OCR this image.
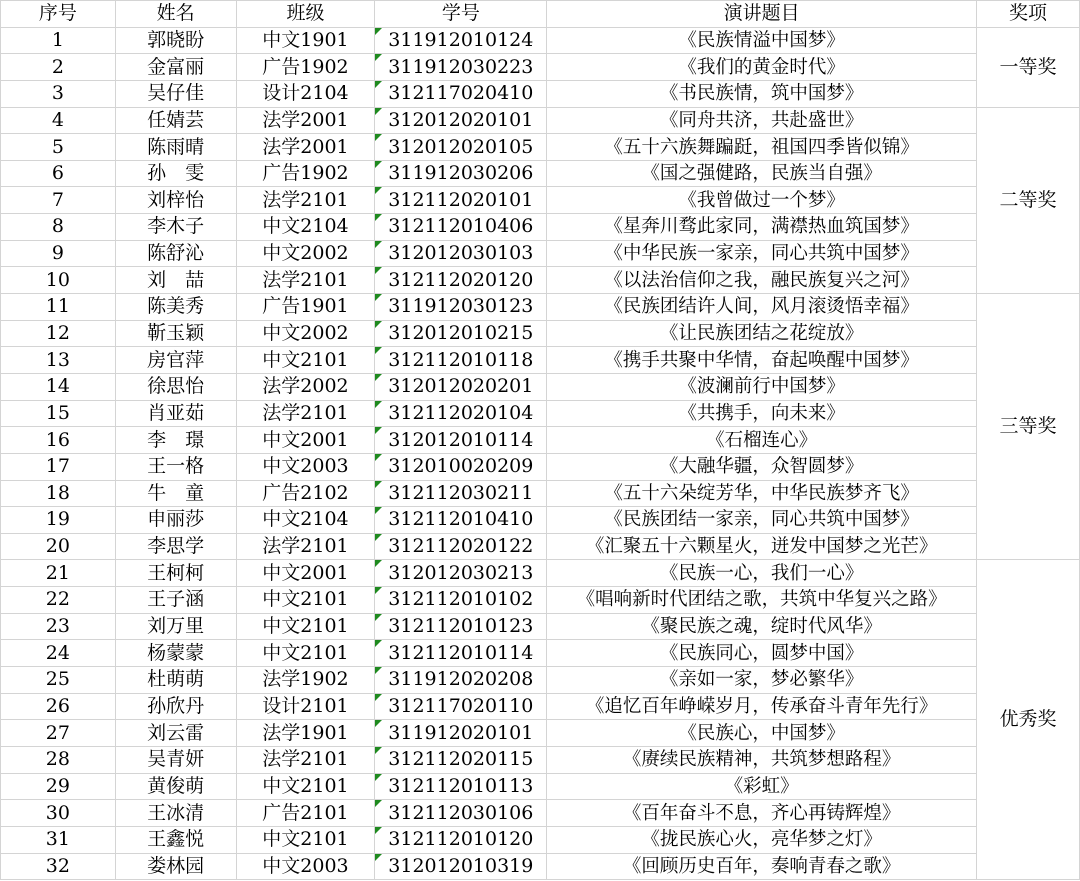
序号	姓名	班级	学号	演讲题目	奖项
1	郭晓盼	中文1901	311912010124	《民族情溢中国梦》	一等奖
2	金富丽	广告1902	311912030223	《我们的黄金时代》	
3	吴仔佳	设计2104	312117020410	《书民族情，筑中国梦》	
4	任婧芸	法学2001	312012020101	《同舟共济，共赴盛世》	二等奖
5	陈雨晴	法学2001	312012020105	《五十六族舞蹁跹，祖国四季皆似锦》	
6	孙　雯	广告1902	311912030206	《国之强健路，民族当自强》	
7	刘梓怡	法学2101	312112020101	《我曾做过一个梦》	
8	李木子	中文2104	312112010406	《星奔川骛此家同，满襟热血筑国梦》	
9	陈舒沁	中文2002	312012030103	《中华民族一家亲，同心共筑中国梦》	
10	刘　喆	法学2101	312112020120	《以法治信仰之我，融民族复兴之河》	
11	陈美秀	广告1901	311912030123	《民族团结许人间，风月滚烫悟幸福》	三等奖
12	靳玉颖	中文2002	312012010215	《让民族团结之花绽放》	
13	房官萍	中文2101	312112010118	《携手共聚中华情，奋起唤醒中国梦》	
14	徐思怡	法学2002	312012020201	《波澜前行中国梦》	
15	肖亚茹	法学2101	312112020104	《共携手，向未来》	
16	李　璟	中文2001	312012010114	《石榴连心》	
17	王一格	中文2003	312010020209	《大融华疆，众智圆梦》	
18	牛　童	广告2102	312112030211	《五十六朵绽芳华，中华民族梦齐飞》	
19	申丽莎	中文2104	312112010410	《民族团结一家亲，同心共筑中国梦》	
20	李思学	法学2101	312112020122	《汇聚五十六颗星火，迸发中国梦之光芒》	
21	王柯柯	中文2001	312012030213	《民族一心，我们一心》	优秀奖
22	王子涵	中文2101	312112010102	《唱响新时代团结之歌，共筑中华复兴之路》	
23	刘万里	中文2101	312112010123	《聚民族之魂，绽时代风华》	
24	杨蒙蒙	中文2101	312112010114	《民族同心，圆梦中国》	
25	杜萌萌	法学1902	311912020208	《亲如一家，梦必繁华》	
26	孙欣丹	设计2101	312117020110	《追忆百年峥嵘岁月，传承奋斗青年先行》	
27	刘云雷	法学1901	311912020101	《民族心，中国梦》	
28	吴青妍	法学2101	312112020115	《赓续民族精神，共筑梦想路程》	
29	黄俊萌	中文2101	312112010113	《彩虹》	
30	王冰清	广告2101	312112030106	《百年奋斗不息，齐心再铸辉煌》	
31	王鑫悦	中文2101	312112010120	《拢民族心火，亮华梦之灯》	
32	娄林园	中文2003	312012010319	《回顾历史百年，奏响青春之歌》	
